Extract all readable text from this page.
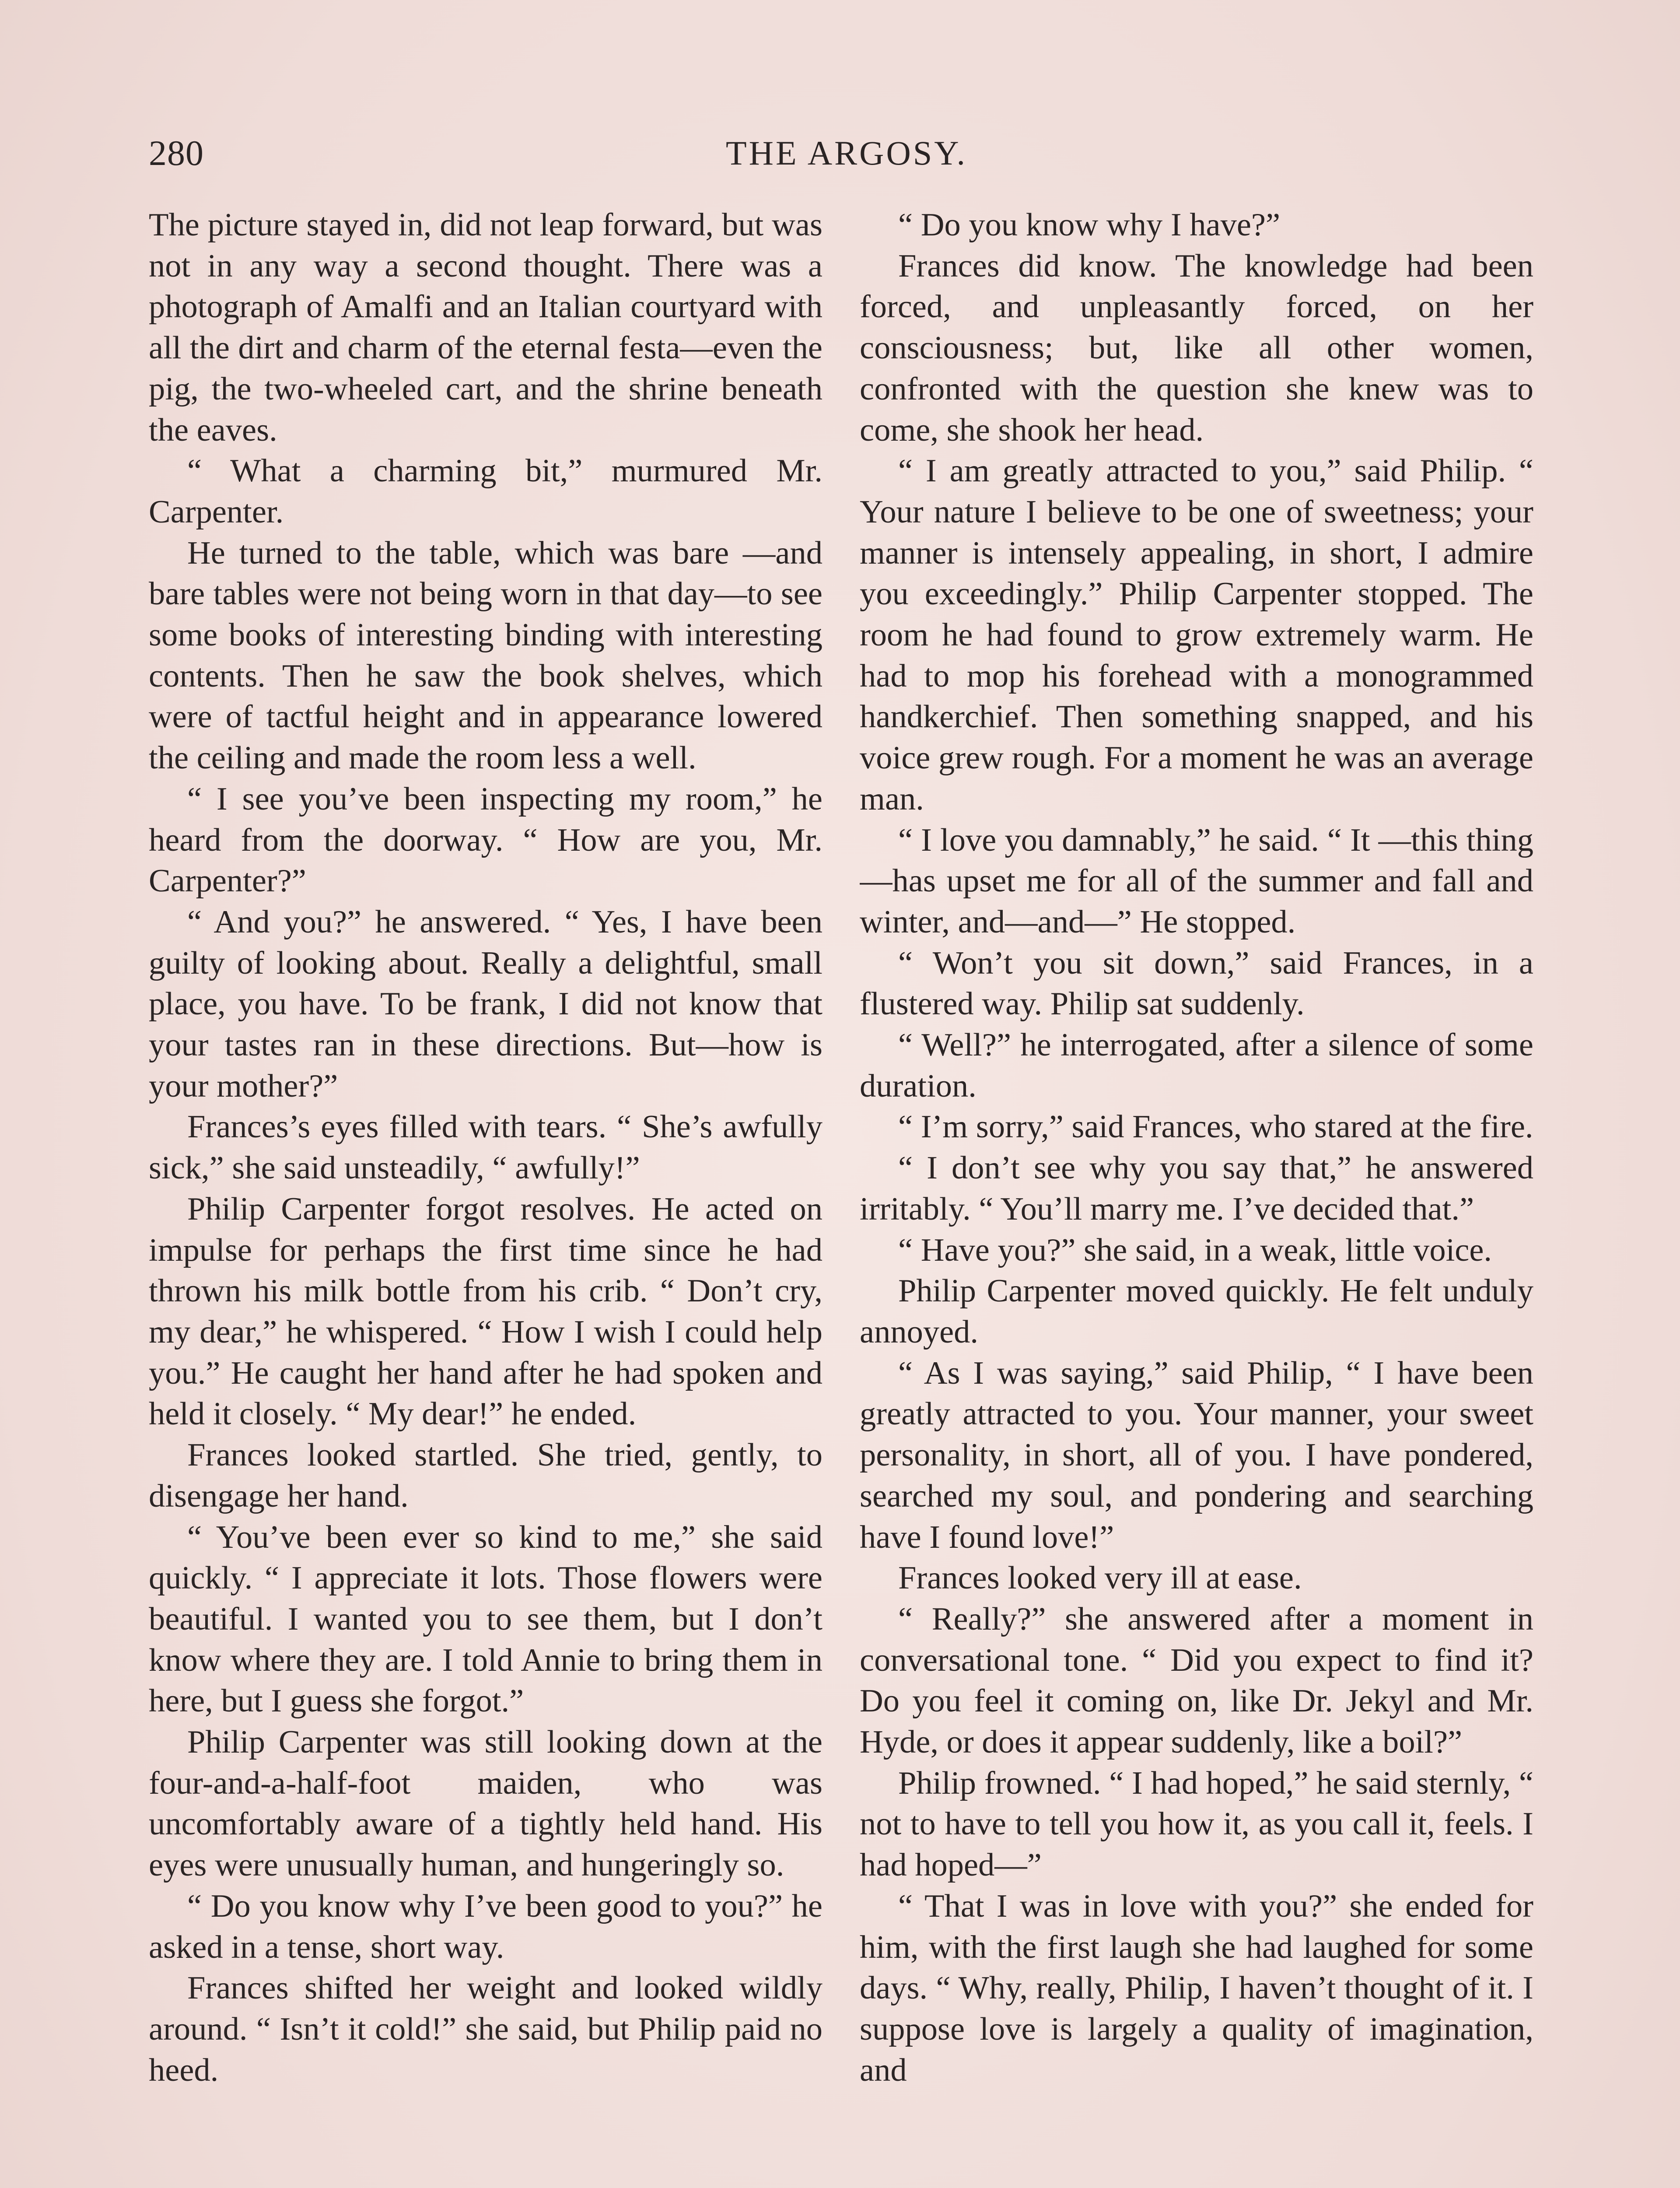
280	THE ARGOSY.

The picture stayed in, did not leap forward, but was not in any way a second thought. There was a photograph of Amalfi and an Italian courtyard with all the dirt and charm of the eternal festa—even the pig, the two-wheeled cart, and the shrine beneath the eaves.

“ What a charming bit,” murmured Mr. Carpenter.

He turned to the table, which was bare —and bare tables were not being worn in that day—to see some books of interesting binding with interesting contents. Then he saw the book shelves, which were of tactful height and in appearance lowered the ceiling and made the room less a well.

“ I see you’ve been inspecting my room,” he heard from the doorway. “ How are you, Mr. Carpenter?”

“ And you?” he answered. “ Yes, I have been guilty of looking about. Really a delightful, small place, you have. To be frank, I did not know that your tastes ran in these directions. But—how is your mother?”

Frances’s eyes filled with tears. “ She’s awfully sick,” she said unsteadily, “ awfully!”

Philip Carpenter forgot resolves. He acted on impulse for perhaps the first time since he had thrown his milk bottle from his crib. “ Don’t cry, my dear,” he whispered. “ How I wish I could help you.” He caught her hand after he had spoken and held it closely. “ My dear!” he ended.

Frances looked startled. She tried, gently, to disengage her hand.

“ You’ve been ever so kind to me,” she said quickly. “ I appreciate it lots. Those flowers were beautiful. I wanted you to see them, but I don’t know where they are. I told Annie to bring them in here, but I guess she forgot.”

Philip Carpenter was still looking down at the four-and-a-half-foot maiden, who was uncomfortably aware of a tightly held hand. His eyes were unusually human, and hungeringly so.

“ Do you know why I’ve been good to you?” he asked in a tense, short way.

Frances shifted her weight and looked wildly around. “ Isn’t it cold!” she said, but Philip paid no heed.

“ Do you know why I have?”

Frances did know. The knowledge had been forced, and unpleasantly forced, on her consciousness; but, like all other women, confronted with the question she knew was to come, she shook her head.

“ I am greatly attracted to you,” said Philip. “ Your nature I believe to be one of sweetness; your manner is intensely appealing, in short, I admire you exceedingly.” Philip Carpenter stopped. The room he had found to grow extremely warm. He had to mop his forehead with a monogrammed handkerchief. Then something snapped, and his voice grew rough. For a moment he was an average man.

“ I love you damnably,” he said. “ It —this thing—has upset me for all of the summer and fall and winter, and—and—” He stopped.

“ Won’t you sit down,” said Frances, in a flustered way. Philip sat suddenly.

“ Well?” he interrogated, after a silence of some duration.

“ I’m sorry,” said Frances, who stared at the fire.

“ I don’t see why you say that,” he answered irritably. “ You’ll marry me. I’ve decided that.”

“ Have you?” she said, in a weak, little voice.

Philip Carpenter moved quickly. He felt unduly annoyed.

“ As I was saying,” said Philip, “ I have been greatly attracted to you. Your manner, your sweet personality, in short, all of you. I have pondered, searched my soul, and pondering and searching have I found love!”

Frances looked very ill at ease.

“ Really?” she answered after a moment in conversational tone. “ Did you expect to find it? Do you feel it coming on, like Dr. Jekyl and Mr. Hyde, or does it appear suddenly, like a boil?”

Philip frowned. “ I had hoped,” he said sternly, “ not to have to tell you how it, as you call it, feels. I had hoped—”

“ That I was in love with you?” she ended for him, with the first laugh she had laughed for some days. “ Why, really, Philip, I haven’t thought of it. I suppose love is largely a quality of imagination, and
